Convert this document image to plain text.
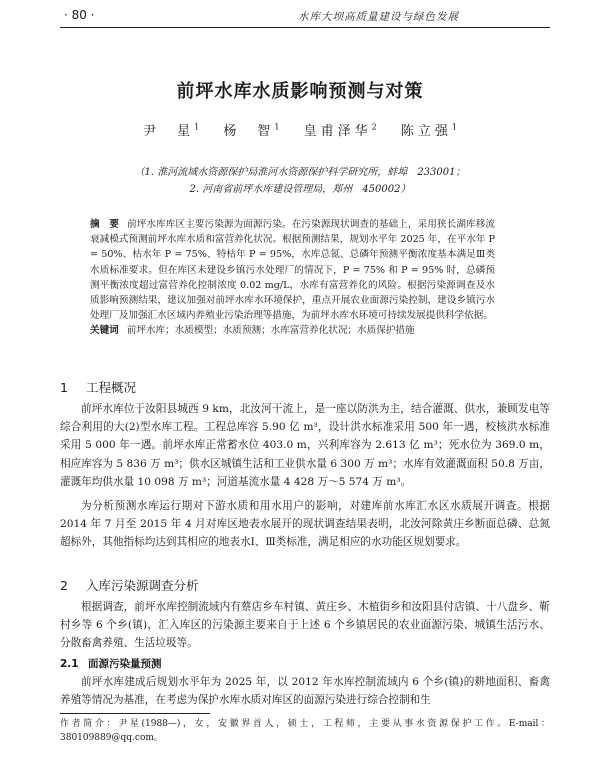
· 80 ·	水库大坝高质量建设与绿色发展
前坪水库水质影响预测与对策
尹　星$^1$ 杨　智$^1$ 皇甫泽华$^2$ 陈立强$^1$
（1. 淮河流域水资源保护局淮河水资源保护科学研究所，蚌埠　233001；
2. 河南省前坪水库建设管理局，郑州　450002）
摘　要 前坪水库库区主要污染源为面源污染。在污染源现状调查的基础上，采用狭长湖库移流衰减模式预测前坪水库水质和富营养化状况。根据预测结果，规划水平年 2025 年，在平水年 P = 50%、枯水年 P = 75%、特枯年 P = 95%，水库总氮、总磷年预测平衡浓度基本满足Ⅲ类水质标准要求。但在库区未建设乡镇污水处理厂的情况下，P = 75% 和 P = 95% 时，总磷预测平衡浓度超过富营养化控制浓度 0.02 mg/L，水库有富营养化的风险。根据污染源调查及水质影响预测结果，建议加强对前坪水库水环境保护，重点开展农业面源污染控制，建设乡镇污水处理厂及加强汇水区域内养殖业污染治理等措施，为前坪水库水环境可持续发展提供科学依据。
关键词 前坪水库；水质模型；水质预测；水库富营养化状况；水质保护措施
1 工程概况
前坪水库位于汝阳县城西 9 km，北汝河干流上，是一座以防洪为主，结合灌溉、供水，兼顾发电等综合利用的大(2)型水库工程。工程总库容 5.90 亿 m³，设计洪水标准采用 500 年一遇，校核洪水标准采用 5 000 年一遇。前坪水库正常蓄水位 403.0 m，兴利库容为 2.613 亿 m³；死水位为 369.0 m，相应库容为 5 836 万 m³；供水区城镇生活和工业供水量 6 300 万 m³；水库有效灌溉面积 50.8 万亩，灌溉年均供水量 10 098 万 m³；河道基流水量 4 428 万～5 574 万 m³。
为分析预测水库运行期对下游水质和用水用户的影响，对建库前水库汇水区水质展开调查。根据 2014 年 7 月至 2015 年 4 月对库区地表水展开的现状调查结果表明，北汝河除黄庄乡断面总磷、总氮超标外，其他指标均达到其相应的地表水Ⅰ、Ⅲ类标准，满足相应的水功能区规划要求。
2 入库污染源调查分析
根据调查，前坪水库控制流域内有蔡店乡车村镇、黄庄乡、木植街乡和汝阳县付店镇、十八盘乡、靳村乡等 6 个乡(镇)，汇入库区的污染源主要来自于上述 6 个乡镇居民的农业面源污染、城镇生活污水、分散畜禽养殖、生活垃圾等。
2.1 面源污染量预测
前坪水库建成后规划水平年为 2025 年，以 2012 年水库控制流域内 6 个乡(镇)的耕地面积、畜禽养殖等情况为基准，在考虑为保护水库水质对库区的面源污染进行综合控制和生
作者简介：尹星(1988—)，女，安徽界首人，硕士，工程师，主要从事水资源保护工作。E-mail：380109889@qq.com。
